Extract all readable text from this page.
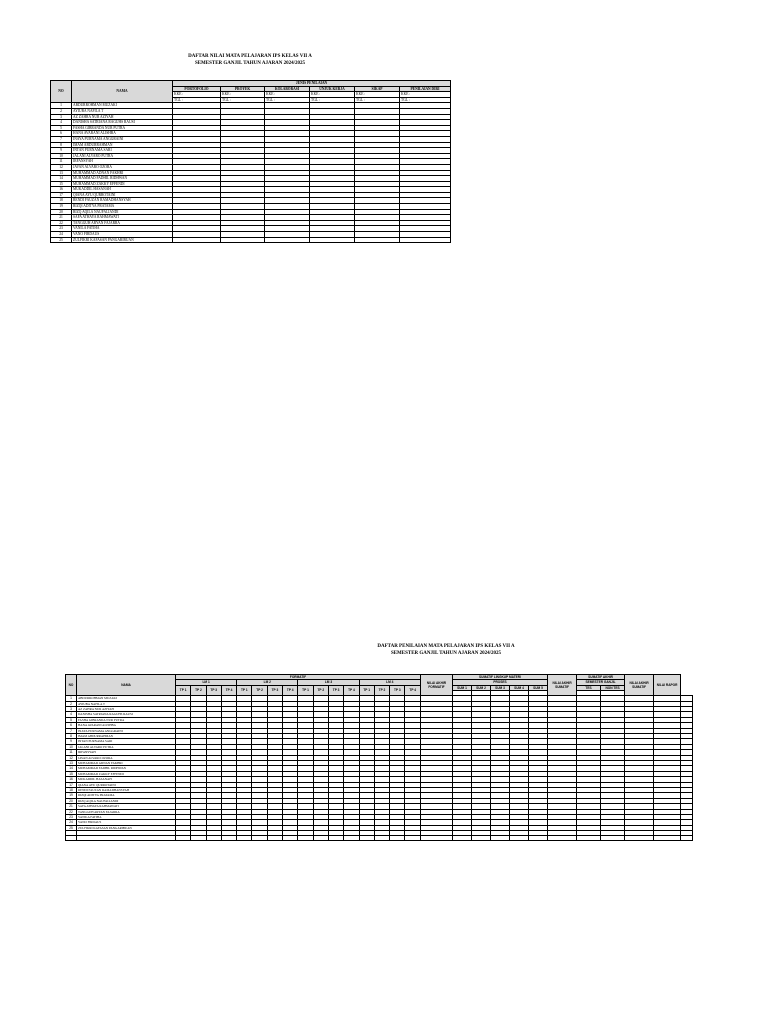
DAFTAR NILAI MATA PELAJARAN IPS KELAS VII A
SEMESTER GANJIL TAHUN AJARAN 2024/2025
NO	NAMA	JENIS PENILAIAN					
		PORTOFOLIO	PROYEK	KOLABORASI	UNJUK KERJA	SIKAP	PENILAIAN DIRI
		KKE :	KKE :	KKE :	KKE :	KKE :	KKE :
		TGL :	TGL :	TGL :	TGL :	TGL :	TGL :
1	ABDURROHMAN MUZAKI						
2	AYIUBA NAFILA T						
3	AZ ZAHRA NUR AZIYAH						
4	DANISHA SATRIANA RAGUHS RAUSI						
5	FASHA GIBRANDA NUR PUTRA						
6	HANA AVARANI ALISHBA						
7	INAYA PURNAMA ANGGRAINI						
8	IMAM ABDURRAHMAN						
9	INTAN PURNAMA SARI						
10	JALANI ALVARO PUTRA						
11	IRFANSYAH						
12	JAVAN ALVARO OZORA						
13	MUHAMMAD ADNAN FAKHRI						
14	MUHAMMAD FADHIL RIDHWAN						
15	MUHAMMAD ZAKKY EFFENDI						
16	MUKADDIL HASANAH						
17	QIANA AYU QURROTAINI						
18	RENDI FAUZAN RAMADHANSYAH						
19	RIZQI ADITYA PRATAMA						
20	RIZQ AQILA NAUFALIANDI						
21	SAFA ATHAYA RAHMAWATI						
22	TANGGUH ARYAN FAJARRA						
23	VANILA FATIHA						
24	VANO FIRDAUS						
25	ZULFIKRI KAFASAN PANGARIBUAN						
DAFTAR PENILAIAN MATA PELAJARAN IPS KELAS VII A
SEMESTER GANJIL TAHUN AJARAN 2024/2025
NO	NAMA	FORMATIF																NILAI AKHIR FORMATIF	SUMATIF LINGKUP MATERI					NILAI AKHIR SUMATIF	SUMATIF AKHIR		NILAI AKHIR SUMATIF	NILAI RAPOR	
		LM 1				LM 2				LM 3				LM 4					PROSES						SEMESTER GANJIL				
		TP 1	TP 2	TP 3	TP 4	TP 1	TP 2	TP 3	TP 4	TP 1	TP 2	TP 3	TP 4	TP 1	TP 2	TP 3	TP 4		SUM 1	SUM 2	SUM 3	SUM 4	SUM 5		TES	NON TES			

1	ABDURROHMAN MUZAKI																												
2	AYIUBA NAFILA T																												
3	AZ ZAHRA NUR AZIYAH																												
4	DANISHA SATRIANA RAGUHS RAUSI																												
5	FASHA GIBRANDA NUR PUTRA																												
6	HANA AVARANI ALISHBA																												
7	INAYA PURNAMA ANGGRAINI																												
8	IMAM ABDURRAHMAN																												
9	INTAN PURNAMA SARI																												
10	JALANI ALVARO PUTRA																												
11	IRFANSYAH																												
12	JAVAN ALVARO OZORA																												
13	MUHAMMAD ADNAN FAKHRI																												
14	MUHAMMAD FADHIL RIDHWAN																												
15	MUHAMMAD ZAKKY EFFENDI																												
16	MUKADDIL HASANAH																												
17	QIANA AYU QURROTAINI																												
18	RENDI FAUZAN RAMADHANSYAH																												
19	RIZQI ADITYA PRATAMA																												
20	RIZQ AQILA NAUFALIANDI																												
21	SAFA ATHAYA RAHMAWATI																												
22	TANGGUH ARYAN FAJARRA																												
23	VANILA FATIHA																												
24	VANO FIRDAUS																												
25	ZULFIKRI KAFASAN PANGARIBUAN																												
